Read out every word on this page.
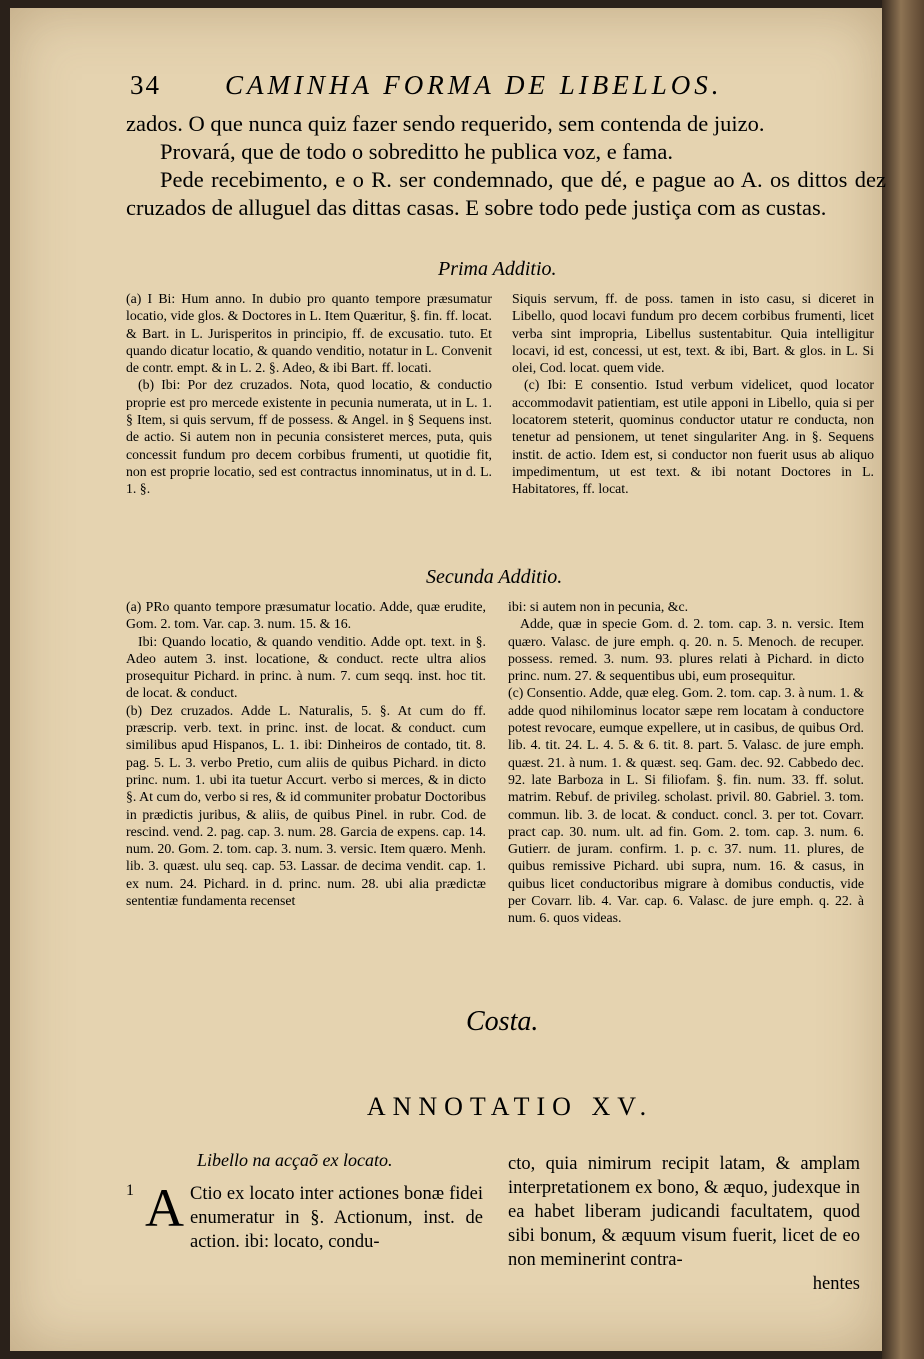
34 CAMINHA FORMA DE LIBELLOS.

zados. O que nunca quiz fazer sendo requerido, sem contenda de juizo.

Provará, que de todo o sobreditto he publica voz, e fama.

Pede recebimento, e o R. ser condemnado, que dé, e pague ao A. os dittos dez cruzados de alluguel das dittas casas. E sobre todo pede justiça com as custas.

Prima Additio.

(a) I Bi: Hum anno. In dubio pro quanto tempore præsumatur locatio, vide glos. & Doctores in L. Item Quæritur, §. fin. ff. locat. & Bart. in L. Jurisperitos in principio, ff. de excusatio. tuto. Et quando dicatur locatio, & quando venditio, notatur in L. Convenit de contr. empt. & in L. 2. §. Adeo, & ibi Bart. ff. locati.

(b) Ibi: Por dez cruzados. Nota, quod locatio, & conductio proprie est pro mercede existente in pecunia numerata, ut in L. 1. § Item, si quis servum, ff de possess. & Angel. in § Sequens inst. de actio. Si autem non in pecunia consisteret merces, puta, quis concessit fundum pro decem corbibus frumenti, ut quotidie fit, non est proprie locatio, sed est contractus innominatus, ut in d. L. 1. §.

Siquis servum, ff. de poss. tamen in isto casu, si diceret in Libello, quod locavi fundum pro decem corbibus frumenti, licet verba sint impropria, Libellus sustentabitur. Quia intelligitur locavi, id est, concessi, ut est, text. & ibi, Bart. & glos. in L. Si olei, Cod. locat. quem vide.

(c) Ibi: E consentio. Istud verbum videlicet, quod locator accommodavit patientiam, est utile apponi in Libello, quia si per locatorem steterit, quominus conductor utatur re conducta, non tenetur ad pensionem, ut tenet singulariter Ang. in §. Sequens instit. de actio. Idem est, si conductor non fuerit usus ab aliquo impedimentum, ut est text. & ibi notant Doctores in L. Habitatores, ff. locat.

Secunda Additio.

(a) PRo quanto tempore præsumatur locatio. Adde, quæ erudite, Gom. 2. tom. Var. cap. 3. num. 15. & 16.

Ibi: Quando locatio, & quando venditio. Adde opt. text. in §. Adeo autem 3. inst. locatione, & conduct. recte ultra alios prosequitur Pichard. in princ. à num. 7. cum seqq. inst. hoc tit. de locat. & conduct.

(b) Dez cruzados. Adde L. Naturalis, 5. §. At cum do ff. præscrip. verb. text. in princ. inst. de locat. & conduct. cum similibus apud Hispanos, L. 1. ibi: Dinheiros de contado, tit. 8. pag. 5. L. 3. verbo Pretio, cum aliis de quibus Pichard. in dicto princ. num. 1. ubi ita tuetur Accurt. verbo si merces, & in dicto §. At cum do, verbo si res, & id communiter probatur Doctoribus in prædictis juribus, & aliis, de quibus Pinel. in rubr. Cod. de rescind. vend. 2. pag. cap. 3. num. 28. Garcia de expens. cap. 14. num. 20. Gom. 2. tom. cap. 3. num. 3. versic. Item quæro. Menh. lib. 3. quæst. ulu seq. cap. 53. Lassar. de decima vendit. cap. 1. ex num. 24. Pichard. in d. princ. num. 28. ubi alia prædictæ sententiæ fundamenta recenset

ibi: si autem non in pecunia, &c.

Adde, quæ in specie Gom. d. 2. tom. cap. 3. n. versic. Item quæro. Valasc. de jure emph. q. 20. n. 5. Menoch. de recuper. possess. remed. 3. num. 93. plures relati à Pichard. in dicto princ. num. 27. & sequentibus ubi, eum prosequitur.

(c) Consentio. Adde, quæ eleg. Gom. 2. tom. cap. 3. à num. 1. & adde quod nihilominus locator sæpe rem locatam à conductore potest revocare, eumque expellere, ut in casibus, de quibus Ord. lib. 4. tit. 24. L. 4. 5. & 6. tit. 8. part. 5. Valasc. de jure emph. quæst. 21. à num. 1. & quæst. seq. Gam. dec. 92. Cabbedo dec. 92. late Barboza in L. Si filiofam. §. fin. num. 33. ff. solut. matrim. Rebuf. de privileg. scholast. privil. 80. Gabriel. 3. tom. commun. lib. 3. de locat. & conduct. concl. 3. per tot. Covarr. pract cap. 30. num. ult. ad fin. Gom. 2. tom. cap. 3. num. 6. Gutierr. de juram. confirm. 1. p. c. 37. num. 11. plures, de quibus remissive Pichard. ubi supra, num. 16. & casus, in quibus licet conductoribus migrare à domibus conductis, vide per Covarr. lib. 4. Var. cap. 6. Valasc. de jure emph. q. 22. à num. 6. quos videas.

Costa.
ANNOTATIO XV.
Libello na acçaõ ex locato.
1 A Ctio ex locato inter actiones bonæ fidei enumeratur in §. Actionum, inst. de action. ibi: locato, condu-

cto, quia nimirum recipit latam, & amplam interpretationem ex bono, & æquo, judexque in ea habet liberam judicandi facultatem, quod sibi bonum, & æquum visum fuerit, licet de eo non meminerint contra-

hentes
